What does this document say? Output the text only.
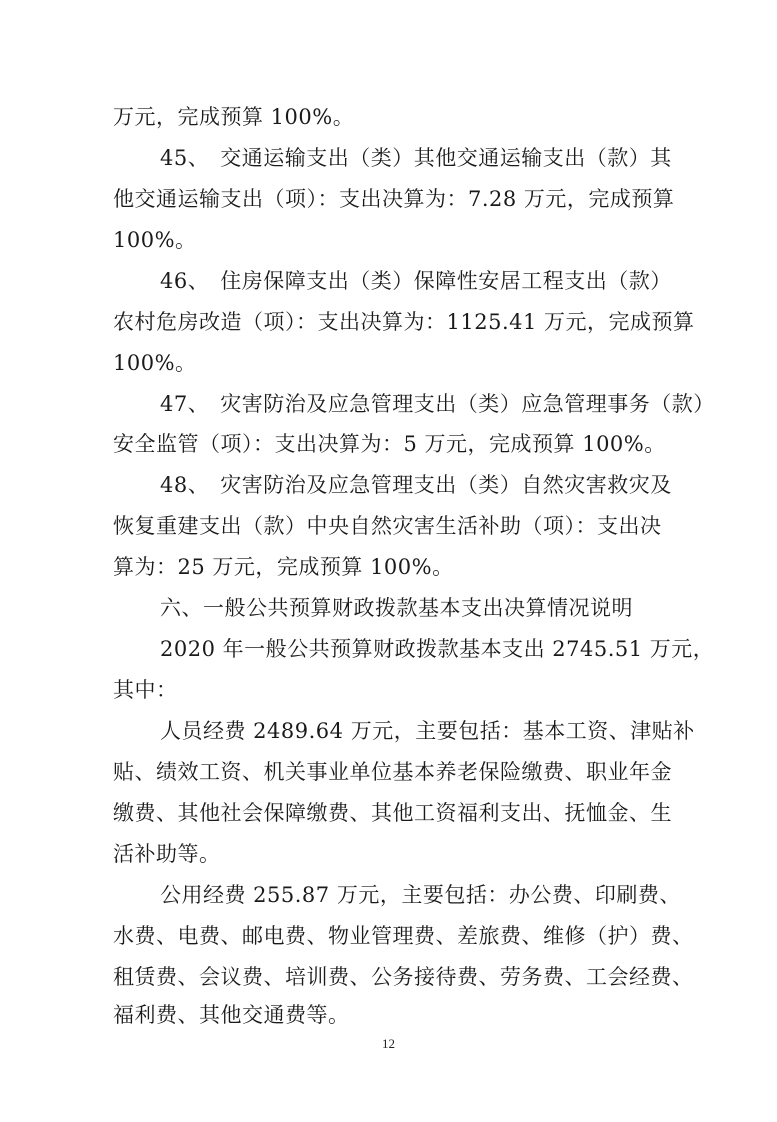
万元，完成预算 100%。
45、　交通运输支出（类）其他交通运输支出（款）其
他交通运输支出（项）：支出决算为：7.28 万元，完成预算
100%。
46、　住房保障支出（类）保障性安居工程支出（款）
农村危房改造（项）：支出决算为：1125.41 万元，完成预算
100%。
47、　灾害防治及应急管理支出（类）应急管理事务（款）
安全监管（项）：支出决算为：5 万元，完成预算 100%。
48、　灾害防治及应急管理支出（类）自然灾害救灾及
恢复重建支出（款）中央自然灾害生活补助（项）：支出决
算为：25 万元，完成预算 100%。
六、一般公共预算财政拨款基本支出决算情况说明
2020 年一般公共预算财政拨款基本支出 2745.51 万元，
其中：
人员经费 2489.64 万元，主要包括：基本工资、津贴补
贴、绩效工资、机关事业单位基本养老保险缴费、职业年金
缴费、其他社会保障缴费、其他工资福利支出、抚恤金、生
活补助等。
公用经费 255.87 万元，主要包括：办公费、印刷费、
水费、电费、邮电费、物业管理费、差旅费、维修（护）费、
租赁费、会议费、培训费、公务接待费、劳务费、工会经费、
福利费、其他交通费等。
12
